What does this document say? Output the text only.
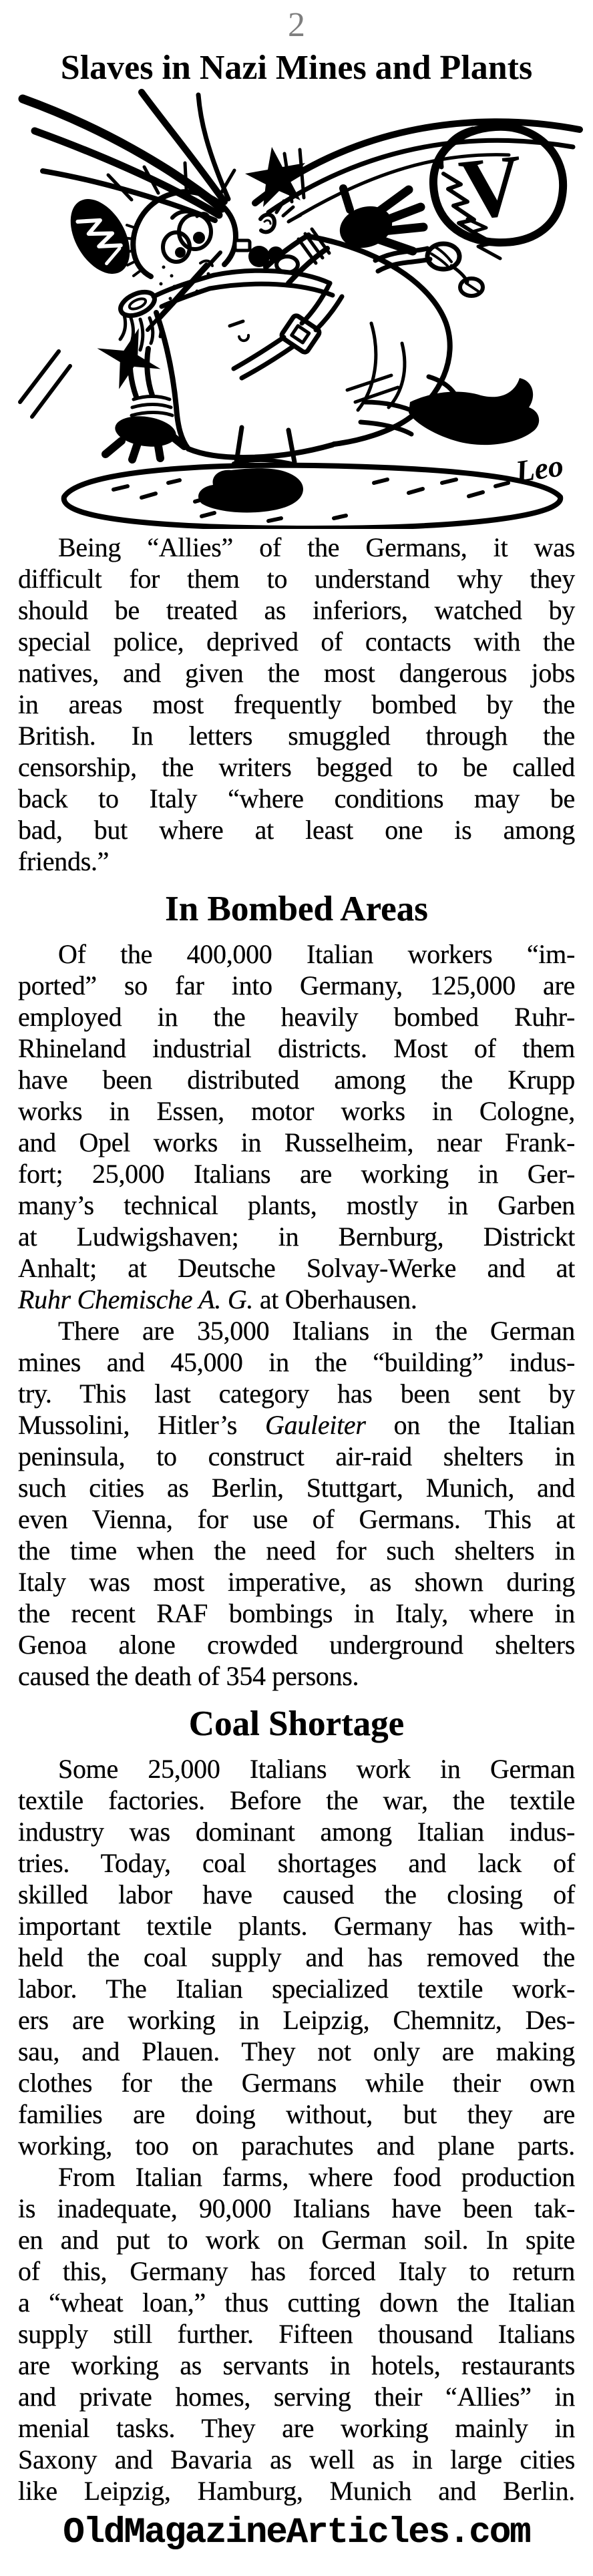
2
Slaves in Nazi Mines and Plants
V
Leo
Being “Allies” of the Germans, it was
difficult for them to understand why they
should be treated as inferiors, watched by
special police, deprived of contacts with the
natives, and given the most dangerous jobs
in areas most frequently bombed by the
British. In letters smuggled through the
censorship, the writers begged to be called
back to Italy “where conditions may be
bad, but where at least one is among
friends.”
In Bombed Areas
Of the 400,000 Italian workers “im-
ported” so far into Germany, 125,000 are
employed in the heavily bombed Ruhr-
Rhineland industrial districts. Most of them
have been distributed among the Krupp
works in Essen, motor works in Cologne,
and Opel works in Russelheim, near Frank-
fort; 25,000 Italians are working in Ger-
many’s technical plants, mostly in Garben
at Ludwigshaven; in Bernburg, Districkt
Anhalt; at Deutsche Solvay-Werke and at
Ruhr Chemische A. G. at Oberhausen.
There are 35,000 Italians in the German
mines and 45,000 in the “building” indus-
try. This last category has been sent by
Mussolini, Hitler’s Gauleiter on the Italian
peninsula, to construct air-raid shelters in
such cities as Berlin, Stuttgart, Munich, and
even Vienna, for use of Germans. This at
the time when the need for such shelters in
Italy was most imperative, as shown during
the recent RAF bombings in Italy, where in
Genoa alone crowded underground shelters
caused the death of 354 persons.
Coal Shortage
Some 25,000 Italians work in German
textile factories. Before the war, the textile
industry was dominant among Italian indus-
tries. Today, coal shortages and lack of
skilled labor have caused the closing of
important textile plants. Germany has with-
held the coal supply and has removed the
labor. The Italian specialized textile work-
ers are working in Leipzig, Chemnitz, Des-
sau, and Plauen. They not only are making
clothes for the Germans while their own
families are doing without, but they are
working, too on parachutes and plane parts.
From Italian farms, where food production
is inadequate, 90,000 Italians have been tak-
en and put to work on German soil. In spite
of this, Germany has forced Italy to return
a “wheat loan,” thus cutting down the Italian
supply still further. Fifteen thousand Italians
are working as servants in hotels, restaurants
and private homes, serving their “Allies” in
menial tasks. They are working mainly in
Saxony and Bavaria as well as in large cities
like Leipzig, Hamburg, Munich and Berlin.
OldMagazineArticles.com
